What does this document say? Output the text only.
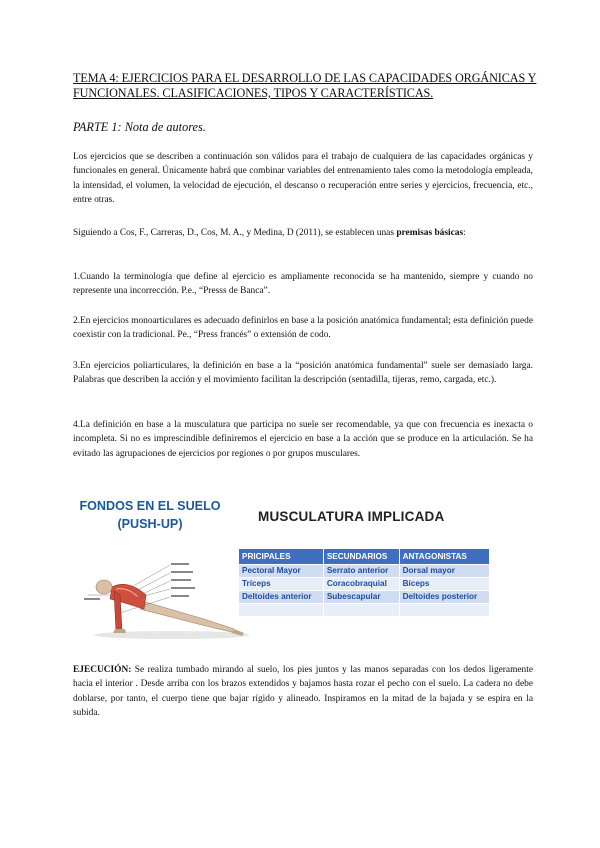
TEMA 4: EJERCICIOS PARA EL DESARROLLO DE LAS CAPACIDADES ORGÁNICAS Y FUNCIONALES. CLASIFICACIONES, TIPOS Y CARACTERÍSTICAS.
PARTE 1: Nota de autores.
Los ejercicios que se describen a continuación son válidos para el trabajo de cualquiera de las capacidades orgánicas y funcionales en general. Únicamente habrá que combinar variables del entrenamiento tales como la metodología empleada, la intensidad, el volumen, la velocidad de ejecución, el descanso o recuperación entre series y ejercicios, frecuencia, etc., entre otras.
Siguiendo a Cos, F., Carreras, D., Cos, M. A., y Medina, D (2011), se establecen unas premisas básicas:
1.Cuando la terminología que define al ejercicio es ampliamente reconocida se ha mantenido, siempre y cuando no represente una incorrección. P.e., “Presss de Banca”.
2.En ejercicios monoarticulares es adecuado definirlos en base a la posición anatómica fundamental; esta definición puede coexistir con la tradicional. Pe., “Press francés” o extensión de codo.
3.En ejercicios poliarticulares, la definición en base a la “posición anatómica fundamental” suele ser demasiado larga. Palabras que describen la acción y el movimiento facilitan la descripción (sentadilla, tijeras, remo, cargada, etc.).
4.La definición en base a la musculatura que participa no suele ser recomendable, ya que con frecuencia es inexacta o incompleta. Si no es imprescindible definiremos el ejercicio en base a la acción que se produce en la articulación. Se ha evitado las agrupaciones de ejercicios por regiones o por grupos musculares.
FONDOS EN EL SUELO
(PUSH-UP)	MUSCULATURA IMPLICADA
PRICIPALES	SECUNDARIOS	ANTAGONISTAS
Pectoral Mayor	Serrato anterior	Dorsal mayor
Tríceps	Coracobraquial	Bíceps
Deltoides anterior	Subescapular	Deltoides posterior

EJECUCIÓN: Se realiza tumbado mirando al suelo, los pies juntos y las manos separadas con los dedos ligeramente hacia el interior . Desde arriba con los brazos extendidos y bajamos hasta rozar el pecho con el suelo. La cadera no debe doblarse, por tanto, el cuerpo tiene que bajar rígido y alineado. Inspiramos en la mitad de la bajada y se espira en la subida.
